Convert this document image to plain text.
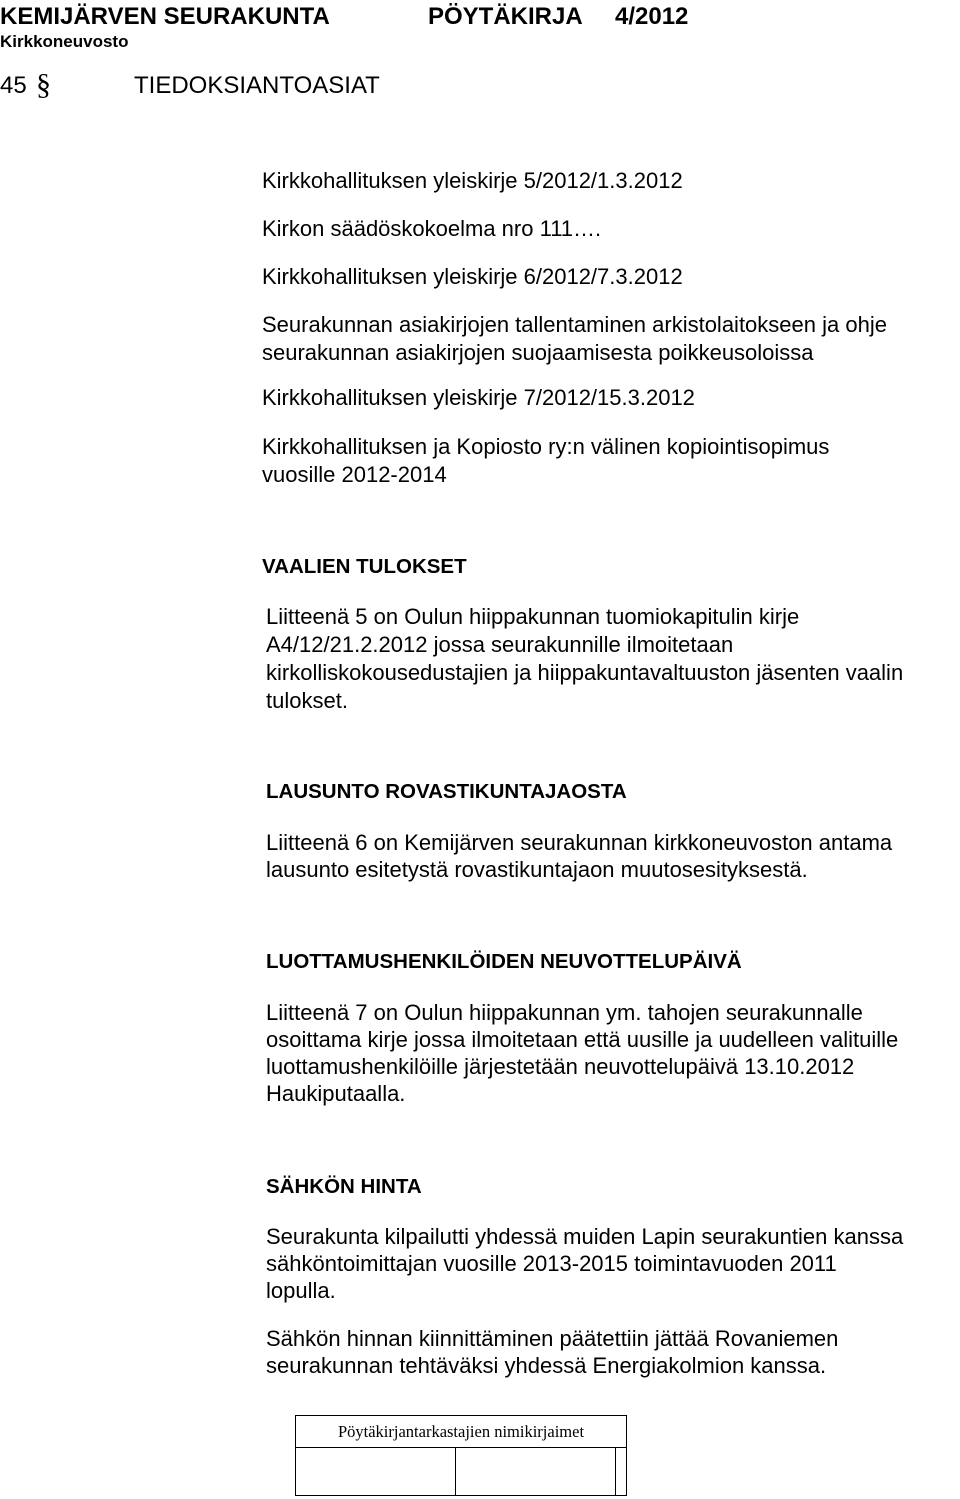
KEMIJÄRVEN SEURAKUNTA	PÖYTÄKIRJA 4/2012
Kirkkoneuvosto
45 §	TIEDOKSIANTOASIAT
Kirkkohallituksen yleiskirje 5/2012/1.3.2012
Kirkon säädöskokoelma nro 111….
Kirkkohallituksen yleiskirje 6/2012/7.3.2012
Seurakunnan asiakirjojen tallentaminen arkistolaitokseen ja ohje
seurakunnan asiakirjojen suojaamisesta poikkeusoloissa
Kirkkohallituksen yleiskirje 7/2012/15.3.2012
Kirkkohallituksen ja Kopiosto ry:n välinen kopiointisopimus
vuosille 2012-2014
VAALIEN TULOKSET
Liitteenä 5 on Oulun hiippakunnan tuomiokapitulin kirje
A4/12/21.2.2012 jossa seurakunnille ilmoitetaan
kirkolliskokousedustajien ja hiippakuntavaltuuston jäsenten vaalin
tulokset.
LAUSUNTO ROVASTIKUNTAJAOSTA
Liitteenä 6 on Kemijärven seurakunnan kirkkoneuvoston antama
lausunto esitetystä rovastikuntajaon muutosesityksestä.
LUOTTAMUSHENKILÖIDEN NEUVOTTELUPÄIVÄ
Liitteenä 7 on Oulun hiippakunnan ym. tahojen seurakunnalle
osoittama kirje jossa ilmoitetaan että uusille ja uudelleen valituille
luottamushenkilöille järjestetään neuvottelupäivä 13.10.2012
Haukiputaalla.
SÄHKÖN HINTA
Seurakunta kilpailutti yhdessä muiden Lapin seurakuntien kanssa
sähköntoimittajan vuosille 2013-2015 toimintavuoden 2011
lopulla.
Sähkön hinnan kiinnittäminen päätettiin jättää Rovaniemen
seurakunnan tehtäväksi yhdessä Energiakolmion kanssa.
Pöytäkirjantarkastajien nimikirjaimet
